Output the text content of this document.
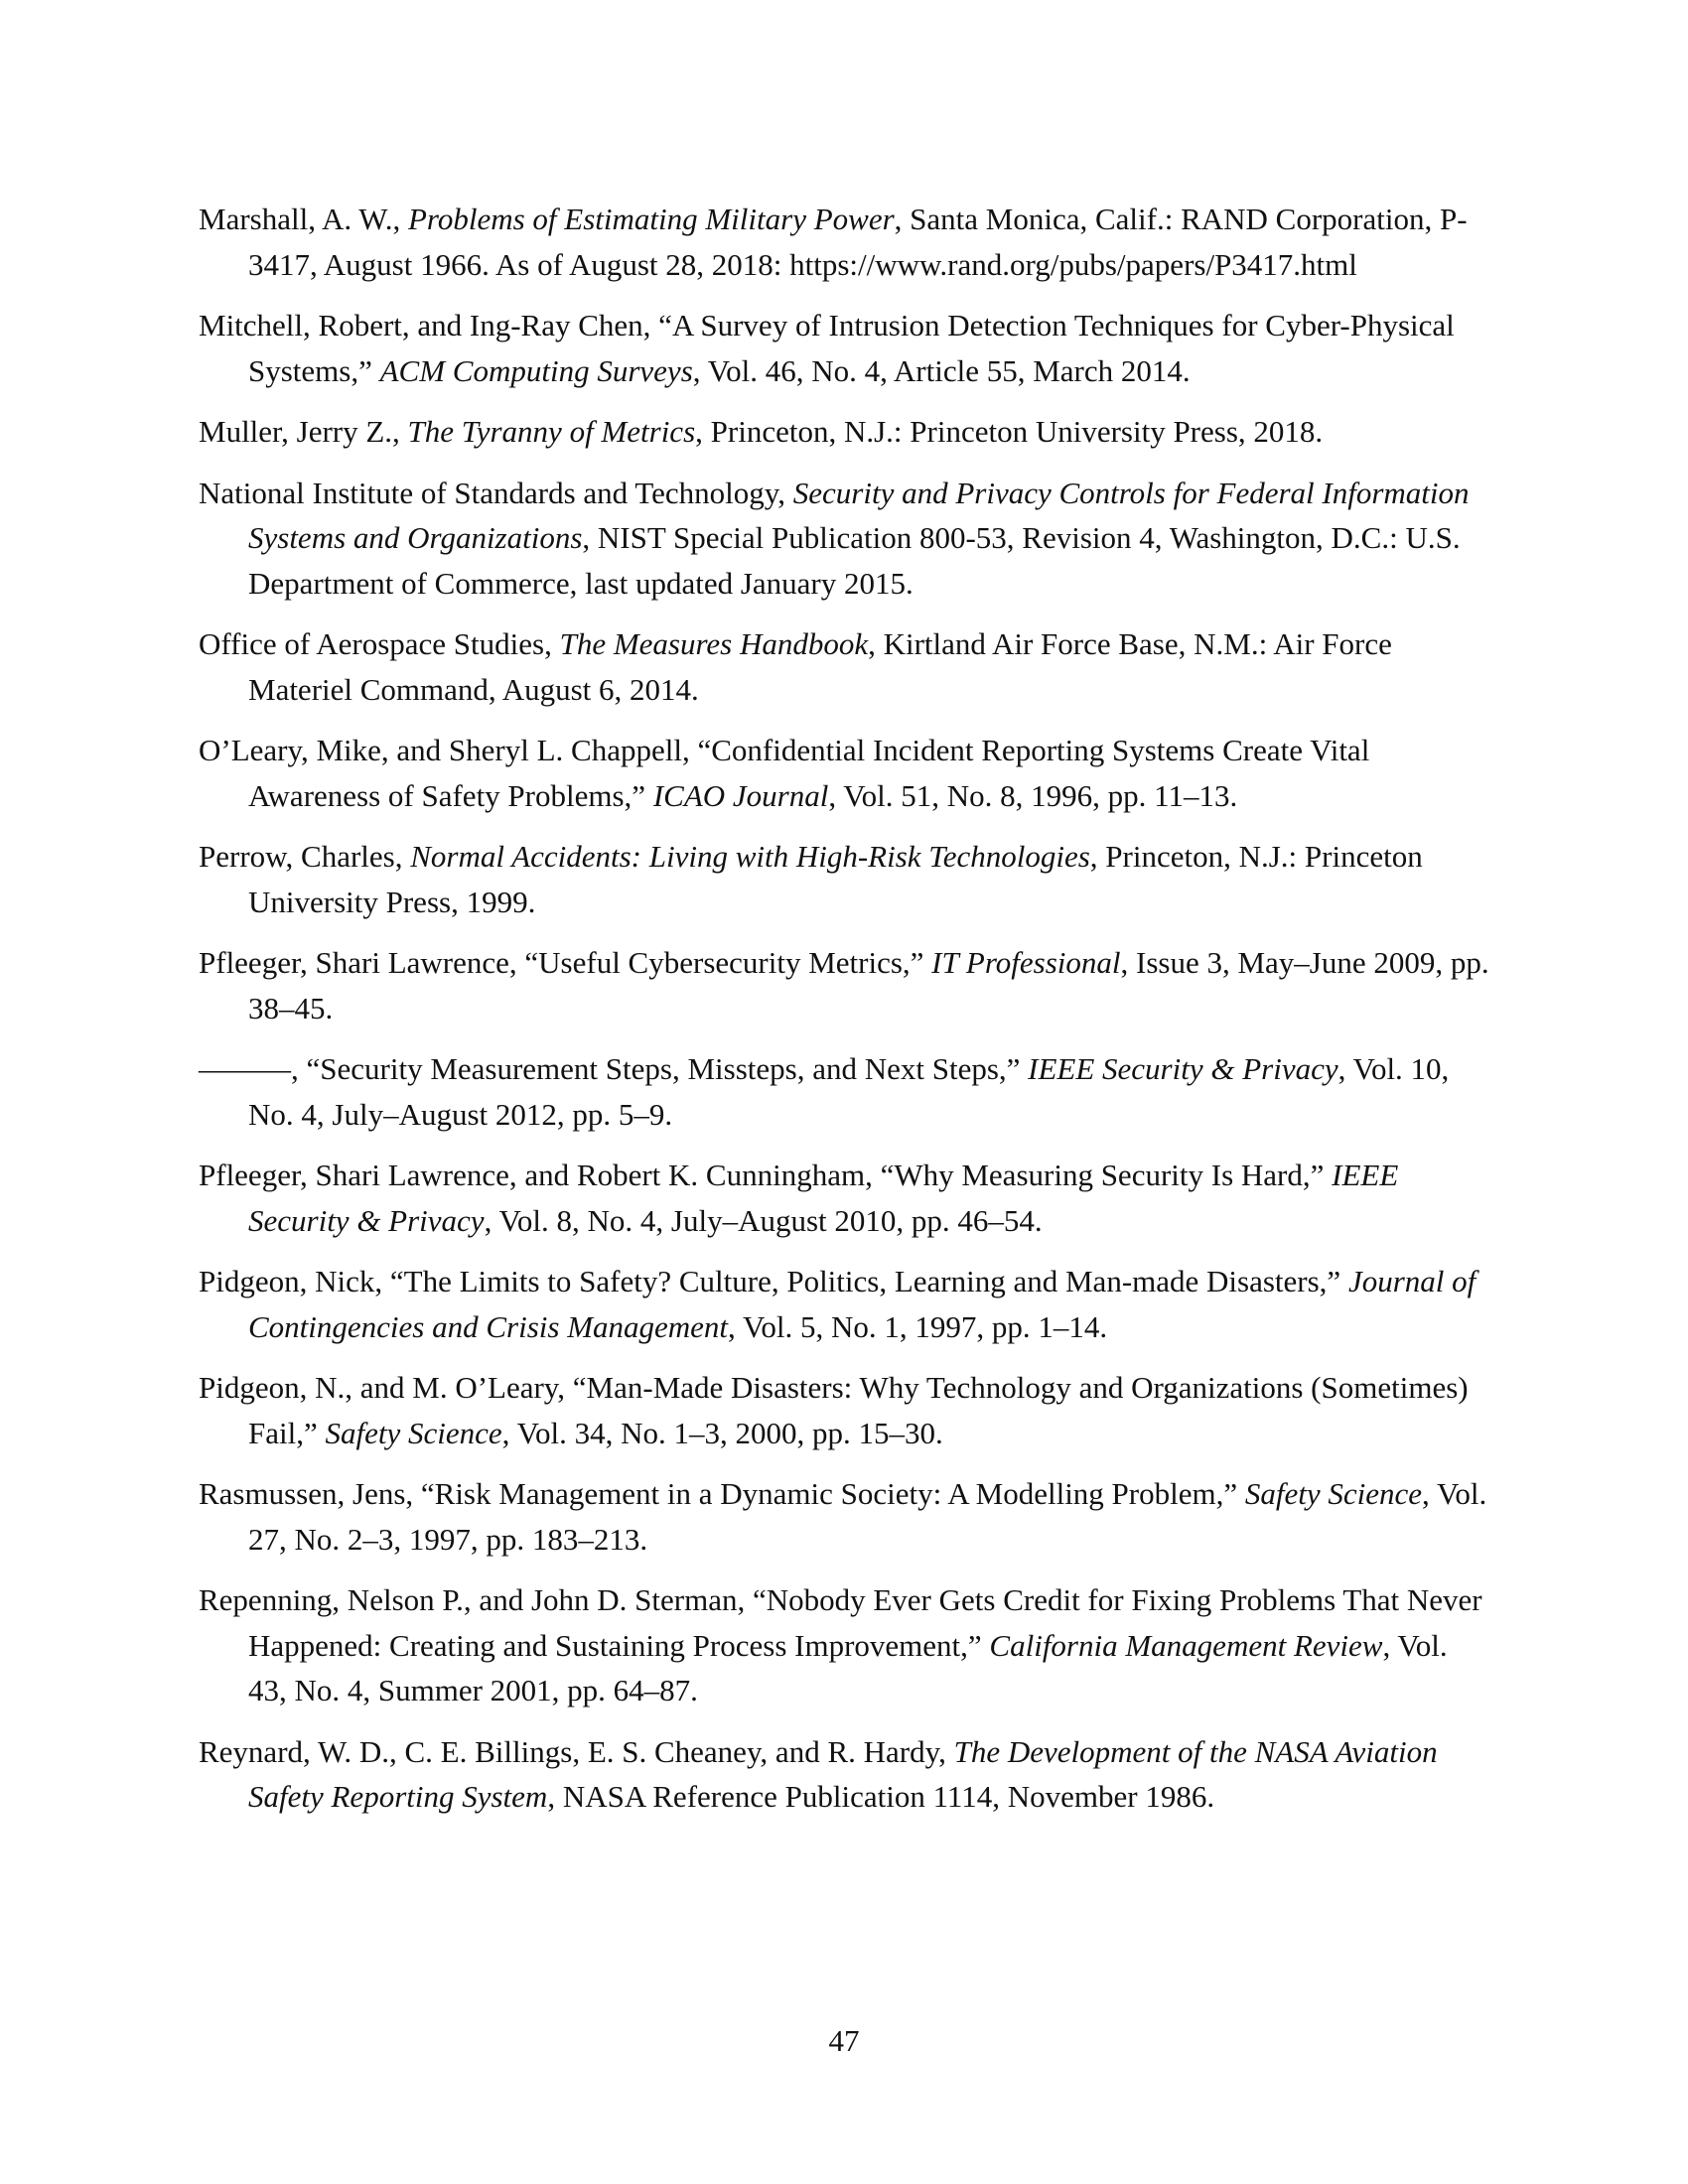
Marshall, A. W., Problems of Estimating Military Power, Santa Monica, Calif.: RAND Corporation, P-3417, August 1966. As of August 28, 2018: https://www.rand.org/pubs/papers/P3417.html

Mitchell, Robert, and Ing-Ray Chen, “A Survey of Intrusion Detection Techniques for Cyber-Physical Systems,” ACM Computing Surveys, Vol. 46, No. 4, Article 55, March 2014.

Muller, Jerry Z., The Tyranny of Metrics, Princeton, N.J.: Princeton University Press, 2018.

National Institute of Standards and Technology, Security and Privacy Controls for Federal Information Systems and Organizations, NIST Special Publication 800-53, Revision 4, Washington, D.C.: U.S. Department of Commerce, last updated January 2015.

Office of Aerospace Studies, The Measures Handbook, Kirtland Air Force Base, N.M.: Air Force Materiel Command, August 6, 2014.

O’Leary, Mike, and Sheryl L. Chappell, “Confidential Incident Reporting Systems Create Vital Awareness of Safety Problems,” ICAO Journal, Vol. 51, No. 8, 1996, pp. 11–13.

Perrow, Charles, Normal Accidents: Living with High-Risk Technologies, Princeton, N.J.: Princeton University Press, 1999.

Pfleeger, Shari Lawrence, “Useful Cybersecurity Metrics,” IT Professional, Issue 3, May–June 2009, pp. 38–45.

———, “Security Measurement Steps, Missteps, and Next Steps,” IEEE Security & Privacy, Vol. 10, No. 4, July–August 2012, pp. 5–9.

Pfleeger, Shari Lawrence, and Robert K. Cunningham, “Why Measuring Security Is Hard,” IEEE Security & Privacy, Vol. 8, No. 4, July–August 2010, pp. 46–54.

Pidgeon, Nick, “The Limits to Safety? Culture, Politics, Learning and Man-made Disasters,” Journal of Contingencies and Crisis Management, Vol. 5, No. 1, 1997, pp. 1–14.

Pidgeon, N., and M. O’Leary, “Man-Made Disasters: Why Technology and Organizations (Sometimes) Fail,” Safety Science, Vol. 34, No. 1–3, 2000, pp. 15–30.

Rasmussen, Jens, “Risk Management in a Dynamic Society: A Modelling Problem,” Safety Science, Vol. 27, No. 2–3, 1997, pp. 183–213.

Repenning, Nelson P., and John D. Sterman, “Nobody Ever Gets Credit for Fixing Problems That Never Happened: Creating and Sustaining Process Improvement,” California Management Review, Vol. 43, No. 4, Summer 2001, pp. 64–87.

Reynard, W. D., C. E. Billings, E. S. Cheaney, and R. Hardy, The Development of the NASA Aviation Safety Reporting System, NASA Reference Publication 1114, November 1986.

47
